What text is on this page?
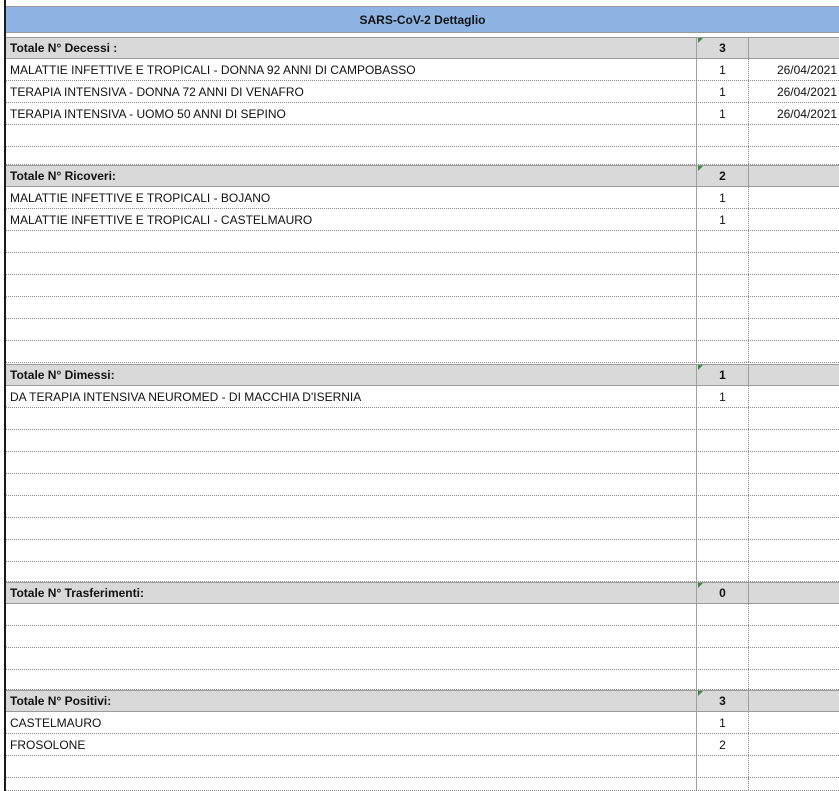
SARS-CoV-2 Dettaglio
Totale N° Decessi :	3
MALATTIE INFETTIVE E TROPICALI - DONNA 92 ANNI DI CAMPOBASSO	1	26/04/2021
TERAPIA INTENSIVA - DONNA 72 ANNI DI VENAFRO	1	26/04/2021
TERAPIA INTENSIVA - UOMO 50 ANNI DI SEPINO	1	26/04/2021
Totale N° Ricoveri:	2
MALATTIE INFETTIVE E TROPICALI - BOJANO	1
MALATTIE INFETTIVE E TROPICALI - CASTELMAURO	1
Totale N° Dimessi:	1
DA TERAPIA INTENSIVA NEUROMED - DI MACCHIA D'ISERNIA	1
Totale N° Trasferimenti:	0
Totale N° Positivi:	3
CASTELMAURO	1
FROSOLONE	2
